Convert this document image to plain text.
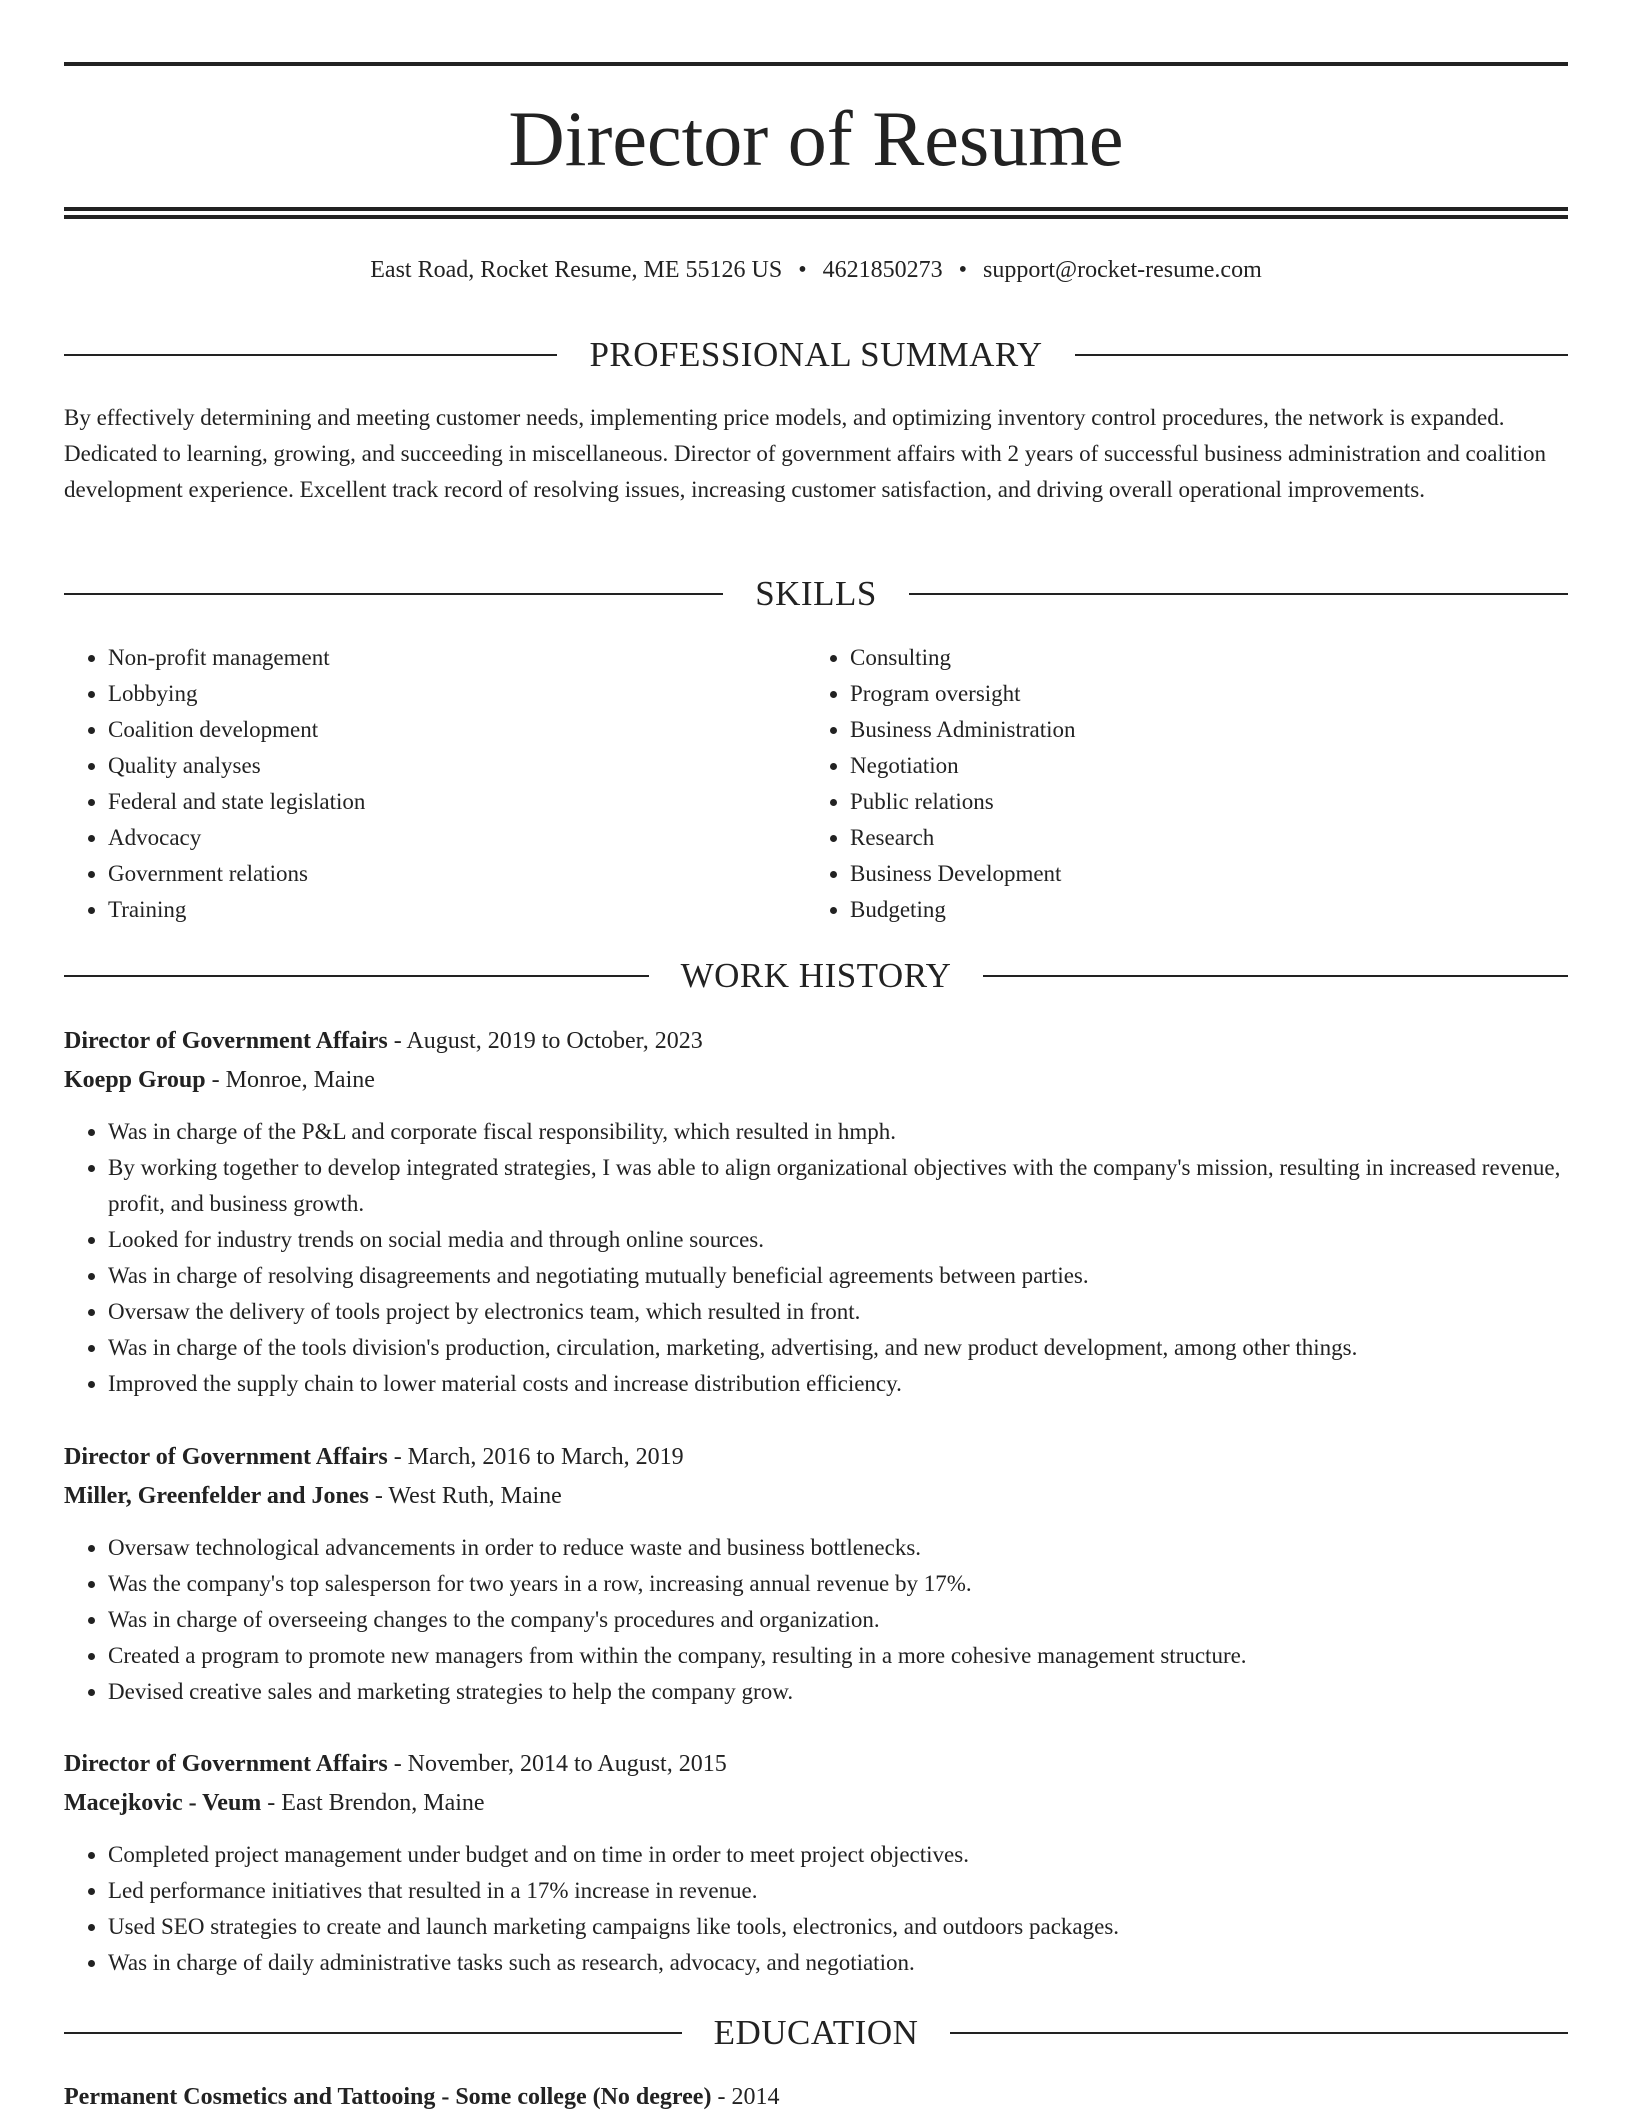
Director of Resume
East Road, Rocket Resume, ME 55126 US • 4621850273 • support@rocket-resume.com
PROFESSIONAL SUMMARY
By effectively determining and meeting customer needs, implementing price models, and optimizing inventory control procedures, the network is expanded. Dedicated to learning, growing, and succeeding in miscellaneous. Director of government affairs with 2 years of successful business administration and coalition development experience. Excellent track record of resolving issues, increasing customer satisfaction, and driving overall operational improvements.
SKILLS
• Non-profit management
• Lobbying
• Coalition development
• Quality analyses
• Federal and state legislation
• Advocacy
• Government relations
• Training
• Consulting
• Program oversight
• Business Administration
• Negotiation
• Public relations
• Research
• Business Development
• Budgeting
WORK HISTORY
Director of Government Affairs - August, 2019 to October, 2023
Koepp Group - Monroe, Maine
• Was in charge of the P&L and corporate fiscal responsibility, which resulted in hmph.
• By working together to develop integrated strategies, I was able to align organizational objectives with the company's mission, resulting in increased revenue, profit, and business growth.
• Looked for industry trends on social media and through online sources.
• Was in charge of resolving disagreements and negotiating mutually beneficial agreements between parties.
• Oversaw the delivery of tools project by electronics team, which resulted in front.
• Was in charge of the tools division's production, circulation, marketing, advertising, and new product development, among other things.
• Improved the supply chain to lower material costs and increase distribution efficiency.
Director of Government Affairs - March, 2016 to March, 2019
Miller, Greenfelder and Jones - West Ruth, Maine
• Oversaw technological advancements in order to reduce waste and business bottlenecks.
• Was the company's top salesperson for two years in a row, increasing annual revenue by 17%.
• Was in charge of overseeing changes to the company's procedures and organization.
• Created a program to promote new managers from within the company, resulting in a more cohesive management structure.
• Devised creative sales and marketing strategies to help the company grow.
Director of Government Affairs - November, 2014 to August, 2015
Macejkovic - Veum - East Brendon, Maine
• Completed project management under budget and on time in order to meet project objectives.
• Led performance initiatives that resulted in a 17% increase in revenue.
• Used SEO strategies to create and launch marketing campaigns like tools, electronics, and outdoors packages.
• Was in charge of daily administrative tasks such as research, advocacy, and negotiation.
EDUCATION
Permanent Cosmetics and Tattooing - Some college (No degree) - 2014
